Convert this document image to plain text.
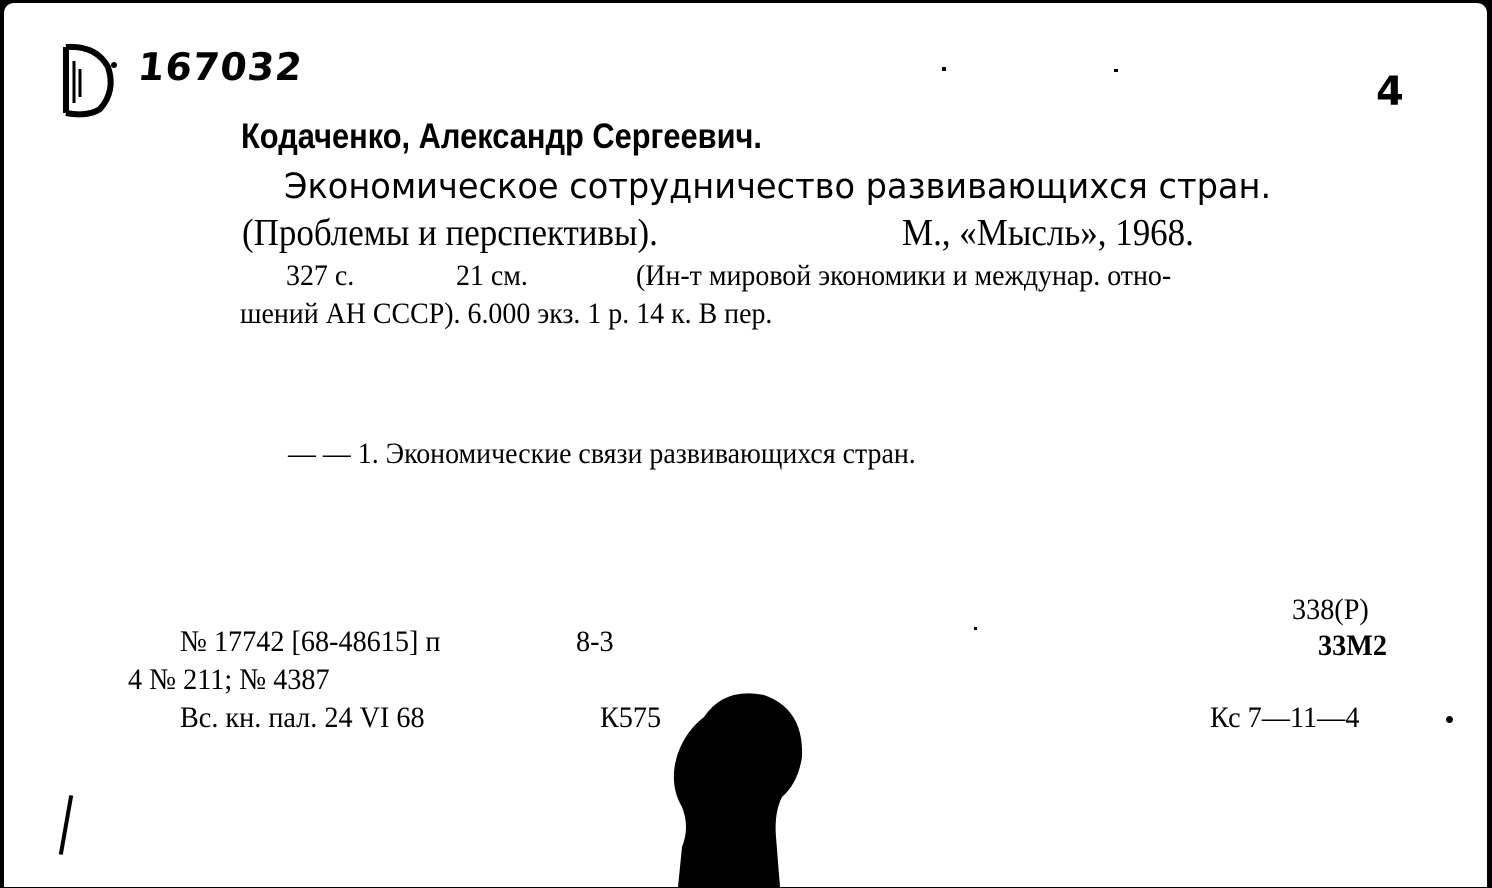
167032
4
Кодаченко, Александр Сергеевич.
Экономическое сотрудничество развивающихся стран.
(Проблемы и перспективы).	М., «Мысль», 1968.
327 с.	21 см.	(Ин-т мировой экономики и междунар. отно-
шений АН СССР). 6.000 экз. 1 р. 14 к. В пер.
— — 1. Экономические связи развивающихся стран.
338(Р)
33М2
№ 17742 [68-48615] п	8-3
4 № 211; № 4387
Вс. кн. пал. 24 VI 68	К575	Кс 7—11—4
